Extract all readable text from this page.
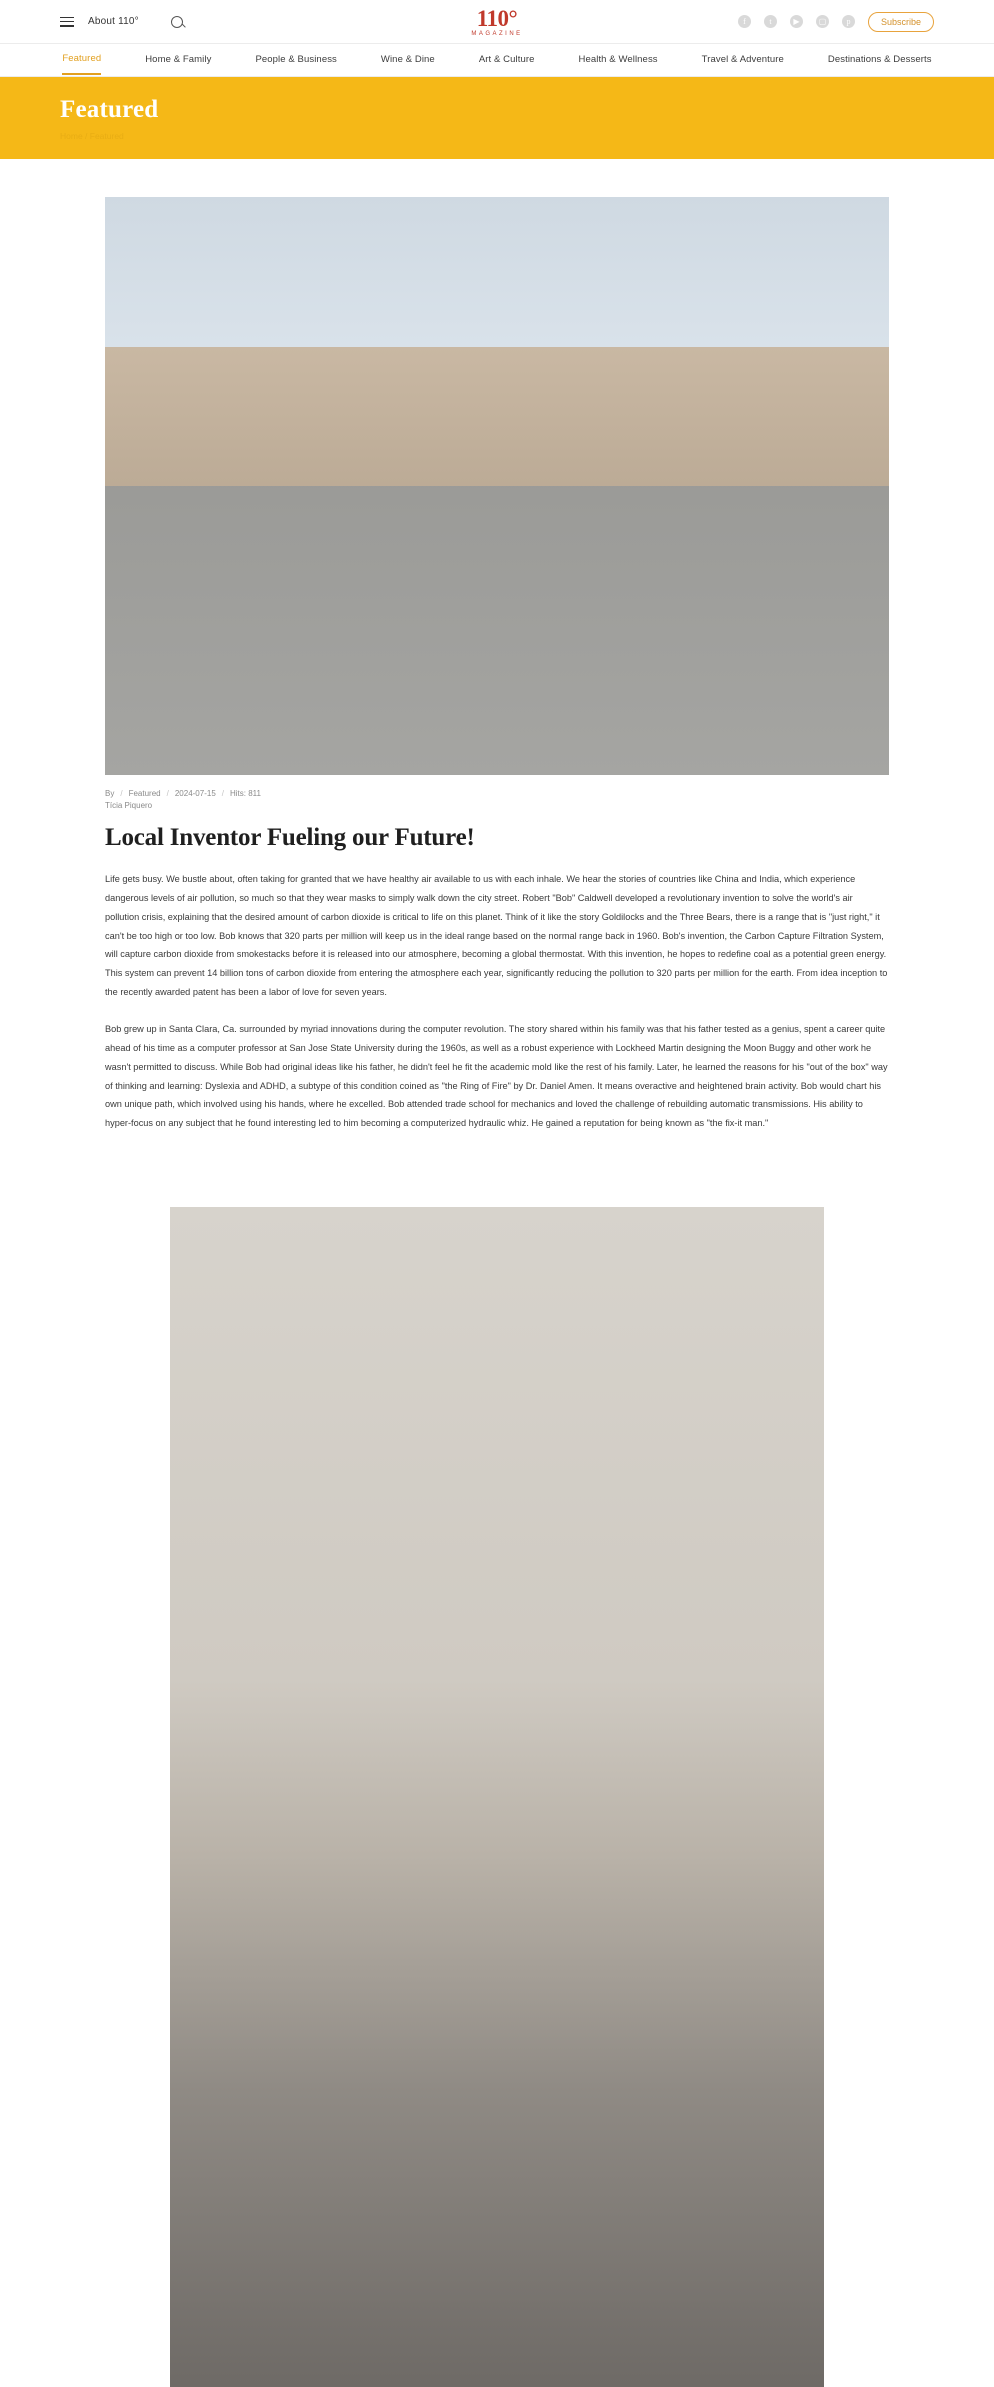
About 110°	110°
MAGAZINE
f	t	▶	▢	p	Subscribe
Featured	Home & Family	People & Business	Wine & Dine	Art & Culture	Health & Wellness	Travel & Adventure	Destinations & Desserts
Featured
Home / Featured
By / Featured / 2024-07-15 / Hits: 811
Tícia Piquero
Local Inventor Fueling our Future!

Life gets busy. We bustle about, often taking for granted that we have healthy air available to us with each inhale. We hear the stories of countries like China and India, which experience dangerous levels of air pollution, so much so that they wear masks to simply walk down the city street. Robert "Bob" Caldwell developed a revolutionary invention to solve the world's air pollution crisis, explaining that the desired amount of carbon dioxide is critical to life on this planet. Think of it like the story Goldilocks and the Three Bears, there is a range that is "just right," it can't be too high or too low. Bob knows that 320 parts per million will keep us in the ideal range based on the normal range back in 1960. Bob's invention, the Carbon Capture Filtration System, will capture carbon dioxide from smokestacks before it is released into our atmosphere, becoming a global thermostat. With this invention, he hopes to redefine coal as a potential green energy. This system can prevent 14 billion tons of carbon dioxide from entering the atmosphere each year, significantly reducing the pollution to 320 parts per million for the earth. From idea inception to the recently awarded patent has been a labor of love for seven years.

Bob grew up in Santa Clara, Ca. surrounded by myriad innovations during the computer revolution. The story shared within his family was that his father tested as a genius, spent a career quite ahead of his time as a computer professor at San Jose State University during the 1960s, as well as a robust experience with Lockheed Martin designing the Moon Buggy and other work he wasn't permitted to discuss. While Bob had original ideas like his father, he didn't feel he fit the academic mold like the rest of his family. Later, he learned the reasons for his "out of the box" way of thinking and learning: Dyslexia and ADHD, a subtype of this condition coined as "the Ring of Fire" by Dr. Daniel Amen. It means overactive and heightened brain activity. Bob would chart his own unique path, which involved using his hands, where he excelled. Bob attended trade school for mechanics and loved the challenge of rebuilding automatic transmissions. His ability to hyper-focus on any subject that he found interesting led to him becoming a computerized hydraulic whiz. He gained a reputation for being known as "the fix-it man."
